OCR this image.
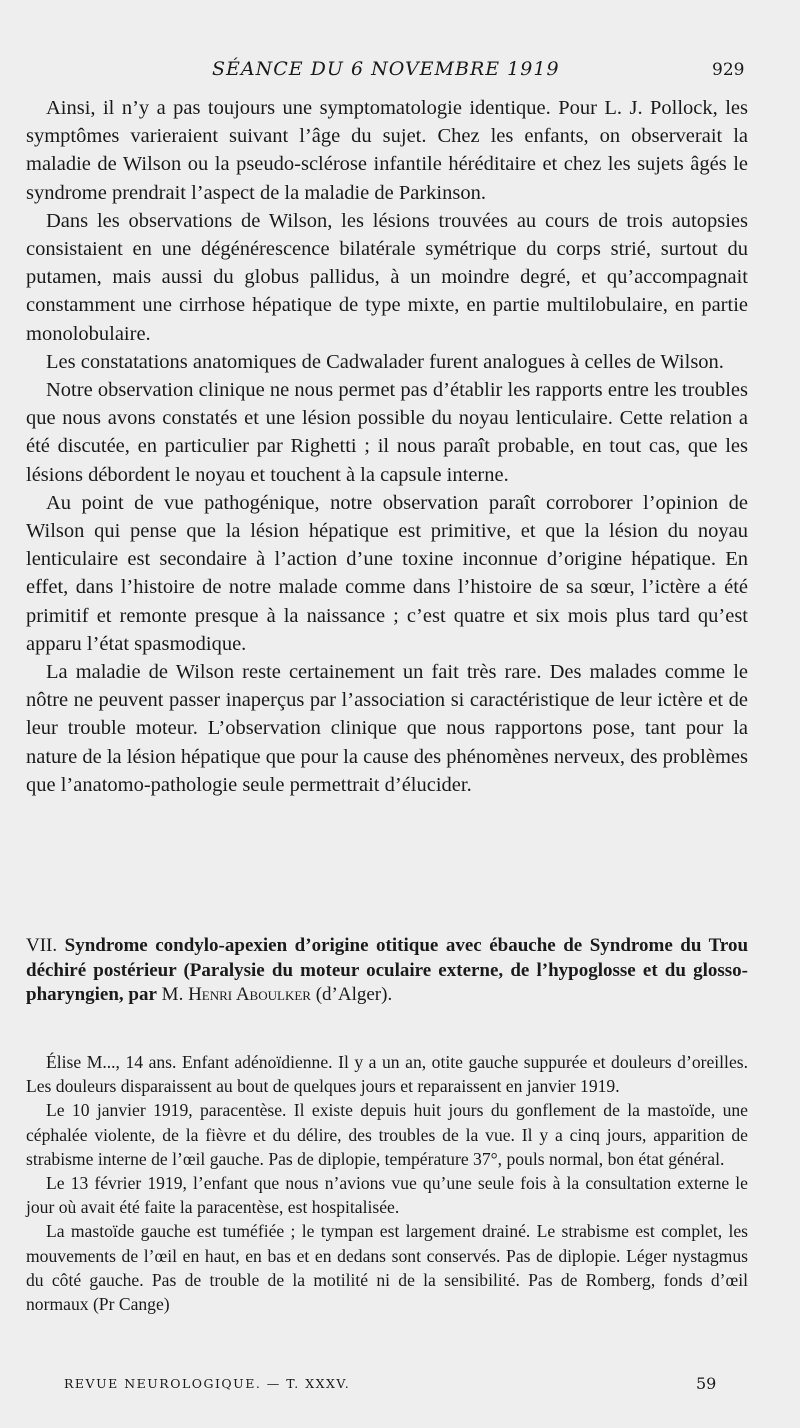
SÉANCE DU 6 NOVEMBRE 1919	929

Ainsi, il n’y a pas toujours une symptomatologie identique. Pour L. J. Pollock, les symptômes varieraient suivant l’âge du sujet. Chez les enfants, on observerait la maladie de Wilson ou la pseudo-sclérose infantile héréditaire et chez les sujets âgés le syndrome prendrait l’aspect de la maladie de Parkinson.

Dans les observations de Wilson, les lésions trouvées au cours de trois autopsies consistaient en une dégénérescence bilatérale symétrique du corps strié, surtout du putamen, mais aussi du globus pallidus, à un moindre degré, et qu’accompagnait constamment une cirrhose hépatique de type mixte, en partie multilobulaire, en partie monolobulaire.

Les constatations anatomiques de Cadwalader furent analogues à celles de Wilson.

Notre observation clinique ne nous permet pas d’établir les rapports entre les troubles que nous avons constatés et une lésion possible du noyau lenticulaire. Cette relation a été discutée, en particulier par Righetti ; il nous paraît probable, en tout cas, que les lésions débordent le noyau et touchent à la capsule interne.

Au point de vue pathogénique, notre observation paraît corroborer l’opinion de Wilson qui pense que la lésion hépatique est primitive, et que la lésion du noyau lenticulaire est secondaire à l’action d’une toxine inconnue d’origine hépatique. En effet, dans l’histoire de notre malade comme dans l’histoire de sa sœur, l’ictère a été primitif et remonte presque à la naissance ; c’est quatre et six mois plus tard qu’est apparu l’état spasmodique.

La maladie de Wilson reste certainement un fait très rare. Des malades comme le nôtre ne peuvent passer inaperçus par l’association si caractéristique de leur ictère et de leur trouble moteur. L’observation clinique que nous rapportons pose, tant pour la nature de la lésion hépatique que pour la cause des phénomènes nerveux, des problèmes que l’anatomo-pathologie seule permettrait d’élucider.

VII. Syndrome condylo-apexien d’origine otitique avec ébauche de Syndrome du Trou déchiré postérieur (Paralysie du moteur oculaire externe, de l’hypoglosse et du glosso-pharyngien, par M. Henri Aboulker (d’Alger).

Élise M..., 14 ans. Enfant adénoïdienne. Il y a un an, otite gauche suppurée et douleurs d’oreilles. Les douleurs disparaissent au bout de quelques jours et reparaissent en janvier 1919.

Le 10 janvier 1919, paracentèse. Il existe depuis huit jours du gonflement de la mastoïde, une céphalée violente, de la fièvre et du délire, des troubles de la vue. Il y a cinq jours, apparition de strabisme interne de l’œil gauche. Pas de diplopie, température 37°, pouls normal, bon état général.

Le 13 février 1919, l’enfant que nous n’avions vue qu’une seule fois à la consultation externe le jour où avait été faite la paracentèse, est hospitalisée.

La mastoïde gauche est tuméfiée ; le tympan est largement drainé. Le strabisme est complet, les mouvements de l’œil en haut, en bas et en dedans sont conservés. Pas de diplopie. Léger nystagmus du côté gauche. Pas de trouble de la motilité ni de la sensibilité. Pas de Romberg, fonds d’œil normaux (Pr Cange)

REVUE NEUROLOGIQUE. — T. XXXV.	59
